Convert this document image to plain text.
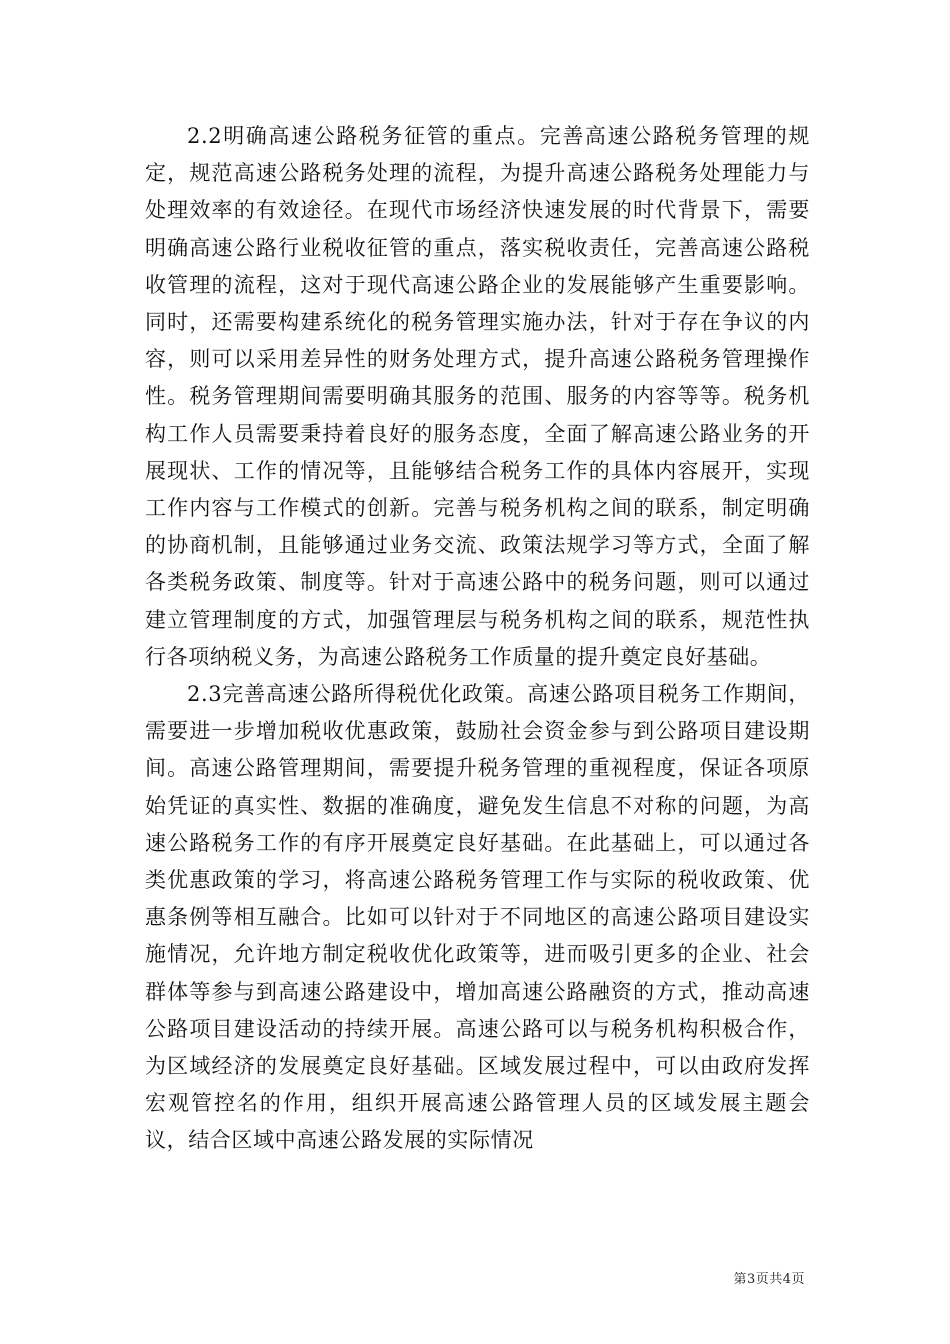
2.2明确高速公路税务征管的重点。完善高速公路税务管理的规定，规范高速公路税务处理的流程，为提升高速公路税务处理能力与处理效率的有效途径。在现代市场经济快速发展的时代背景下，需要明确高速公路行业税收征管的重点，落实税收责任，完善高速公路税收管理的流程，这对于现代高速公路企业的发展能够产生重要影响。同时，还需要构建系统化的税务管理实施办法，针对于存在争议的内容，则可以采用差异性的财务处理方式，提升高速公路税务管理操作性。税务管理期间需要明确其服务的范围、服务的内容等等。税务机构工作人员需要秉持着良好的服务态度，全面了解高速公路业务的开展现状、工作的情况等，且能够结合税务工作的具体内容展开，实现工作内容与工作模式的创新。完善与税务机构之间的联系，制定明确的协商机制，且能够通过业务交流、政策法规学习等方式，全面了解各类税务政策、制度等。针对于高速公路中的税务问题，则可以通过建立管理制度的方式，加强管理层与税务机构之间的联系，规范性执行各项纳税义务，为高速公路税务工作质量的提升奠定良好基础。

2.3完善高速公路所得税优化政策。高速公路项目税务工作期间，需要进一步增加税收优惠政策，鼓励社会资金参与到公路项目建设期间。高速公路管理期间，需要提升税务管理的重视程度，保证各项原始凭证的真实性、数据的准确度，避免发生信息不对称的问题，为高速公路税务工作的有序开展奠定良好基础。在此基础上，可以通过各类优惠政策的学习，将高速公路税务管理工作与实际的税收政策、优惠条例等相互融合。比如可以针对于不同地区的高速公路项目建设实施情况，允许地方制定税收优化政策等，进而吸引更多的企业、社会群体等参与到高速公路建设中，增加高速公路融资的方式，推动高速公路项目建设活动的持续开展。高速公路可以与税务机构积极合作，为区域经济的发展奠定良好基础。区域发展过程中，可以由政府发挥宏观管控名的作用，组织开展高速公路管理人员的区域发展主题会议，结合区域中高速公路发展的实际情况

第3页共4页
